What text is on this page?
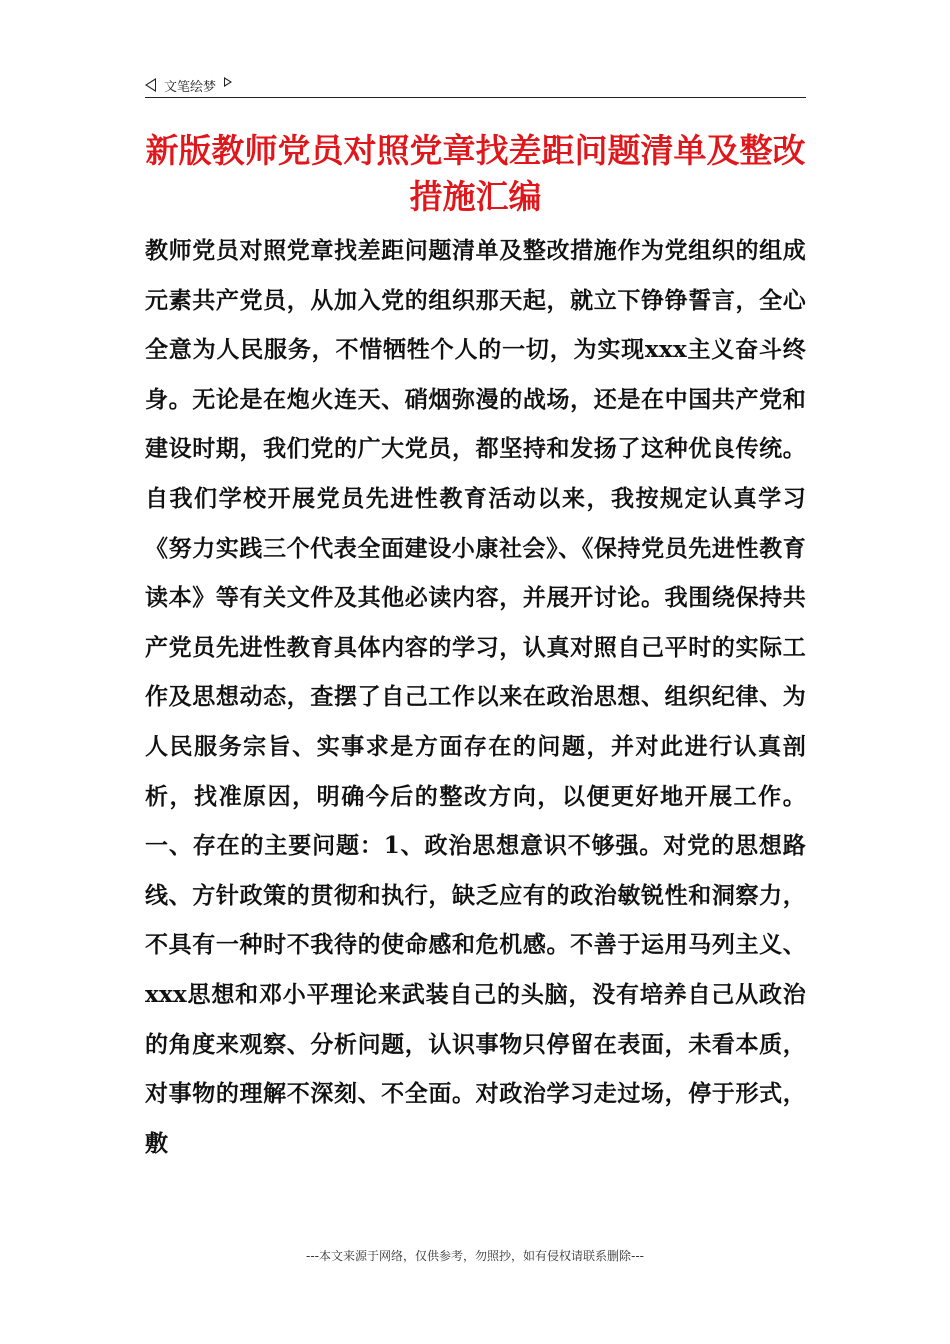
文笔绘梦
新版教师党员对照党章找差距问题清单及整改措施汇编

教师党员对照党章找差距问题清单及整改措施作为党组织的组成元素共产党员，从加入党的组织那天起，就立下铮铮誓言，全心全意为人民服务，不惜牺牲个人的一切，为实现xxx主义奋斗终身。无论是在炮火连天、硝烟弥漫的战场，还是在中国共产党和建设时期，我们党的广大党员，都坚持和发扬了这种优良传统。自我们学校开展党员先进性教育活动以来，我按规定认真学习《努力实践三个代表全面建设小康社会》、《保持党员先进性教育读本》等有关文件及其他必读内容，并展开讨论。我围绕保持共产党员先进性教育具体内容的学习，认真对照自己平时的实际工作及思想动态，查摆了自己工作以来在政治思想、组织纪律、为人民服务宗旨、实事求是方面存在的问题，并对此进行认真剖析，找准原因，明确今后的整改方向，以便更好地开展工作。一、存在的主要问题：1、政治思想意识不够强。对党的思想路线、方针政策的贯彻和执行，缺乏应有的政治敏锐性和洞察力，不具有一种时不我待的使命感和危机感。不善于运用马列主义、xxx思想和邓小平理论来武装自己的头脑，没有培养自己从政治的角度来观察、分析问题，认识事物只停留在表面，未看本质，对事物的理解不深刻、不全面。对政治学习走过场，停于形式，敷

---本文来源于网络，仅供参考，勿照抄，如有侵权请联系删除---
